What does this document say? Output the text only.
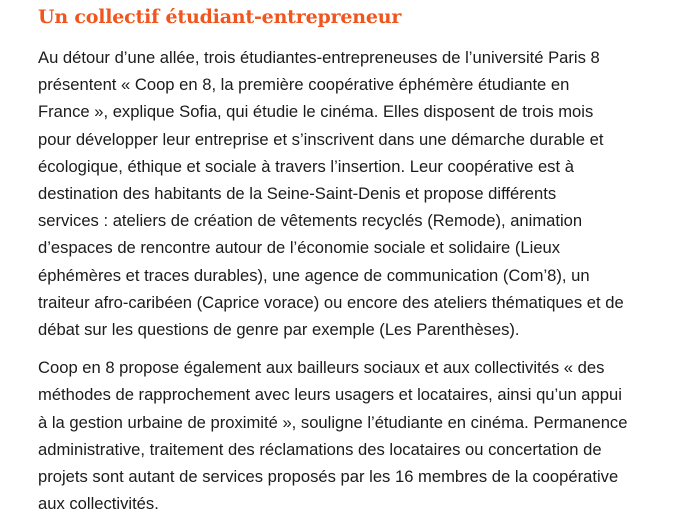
Un collectif étudiant-entrepreneur

Au détour d’une allée, trois étudiantes-entrepreneuses de l’université Paris 8
présentent « Coop en 8, la première coopérative éphémère étudiante en
France », explique Sofia, qui étudie le cinéma. Elles disposent de trois mois
pour développer leur entreprise et s’inscrivent dans une démarche durable et
écologique, éthique et sociale à travers l’insertion. Leur coopérative est à
destination des habitants de la Seine-Saint-Denis et propose différents
services : ateliers de création de vêtements recyclés (Remode), animation
d’espaces de rencontre autour de l’économie sociale et solidaire (Lieux
éphémères et traces durables), une agence de communication (Com’8), un
traiteur afro-caribéen (Caprice vorace) ou encore des ateliers thématiques et de
débat sur les questions de genre par exemple (Les Parenthèses).

Coop en 8 propose également aux bailleurs sociaux et aux collectivités « des
méthodes de rapprochement avec leurs usagers et locataires, ainsi qu’un appui
à la gestion urbaine de proximité », souligne l’étudiante en cinéma. Permanence
administrative, traitement des réclamations des locataires ou concertation de
projets sont autant de services proposés par les 16 membres de la coopérative
aux collectivités.
